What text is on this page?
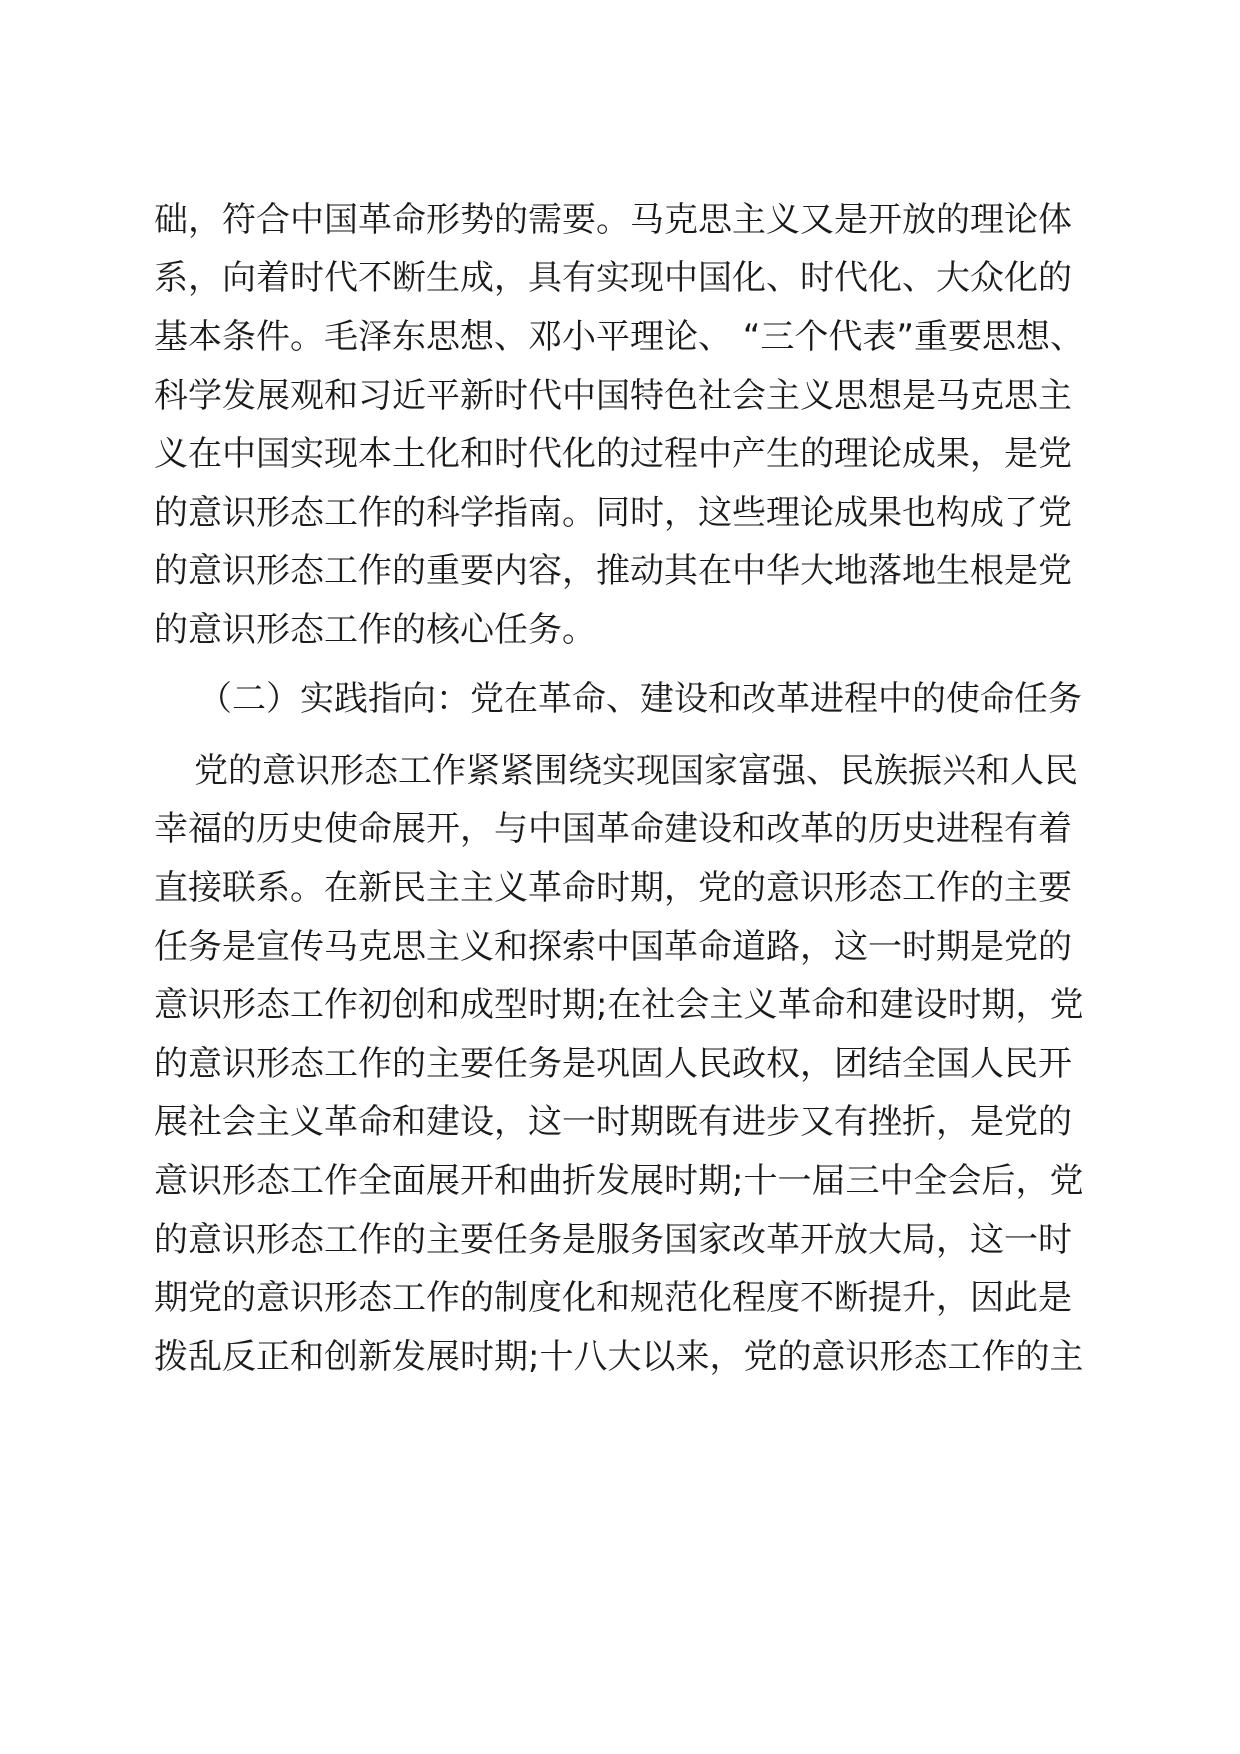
础，符合中国革命形势的需要。马克思主义又是开放的理论体
系，向着时代不断生成，具有实现中国化、时代化、大众化的
基本条件。毛泽东思想、邓小平理论、 “三个代表”重要思想、
科学发展观和习近平新时代中国特色社会主义思想是马克思主
义在中国实现本土化和时代化的过程中产生的理论成果，是党
的意识形态工作的科学指南。同时，这些理论成果也构成了党
的意识形态工作的重要内容，推动其在中华大地落地生根是党
的意识形态工作的核心任务。
（二）实践指向：党在革命、建设和改革进程中的使命任务
党的意识形态工作紧紧围绕实现国家富强、民族振兴和人民
幸福的历史使命展开，与中国革命建设和改革的历史进程有着
直接联系。在新民主主义革命时期，党的意识形态工作的主要
任务是宣传马克思主义和探索中国革命道路，这一时期是党的
意识形态工作初创和成型时期;在社会主义革命和建设时期，党
的意识形态工作的主要任务是巩固人民政权，团结全国人民开
展社会主义革命和建设，这一时期既有进步又有挫折，是党的
意识形态工作全面展开和曲折发展时期;十一届三中全会后，党
的意识形态工作的主要任务是服务国家改革开放大局，这一时
期党的意识形态工作的制度化和规范化程度不断提升，因此是
拨乱反正和创新发展时期;十八大以来，党的意识形态工作的主
